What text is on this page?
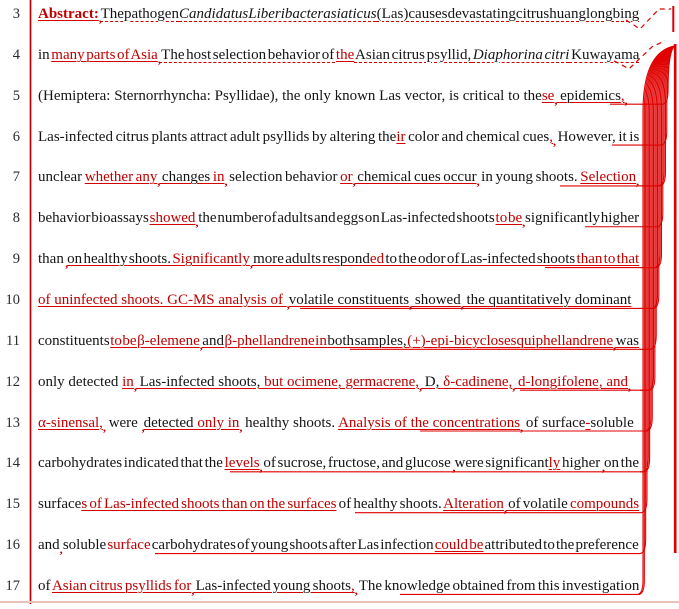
3 $Abstract:_,$ The pathogen Candidatus Liberibacter asiaticus (Las) causes devastating citrus huanglongbing
4 in many parts of Asia$_,$ The host selection behavior of the Asian citrus psyllid, Diaphorina citri Kuwayama
5 (Hemiptera: Sternorrhyncha: Psyllidae), the only known Las vector, is critical to these$_,$ $epidemics,_,$
6 Las-infected citrus plants attract adult psyllids by altering their color and chemical $cues,_,$ However, it is
7 unclear whether any$_,$ changes $in_,$ selection behavior $or_,$ chemical cues occur$_,$ in young shoots. Selection$_,$
8 behavior bioassays showed$_,$ the number of adults and eggs on Las-infected shoots to $be_,$ significantly higher
9 than $_,$on healthy shoots. Significantly$_,$ more adults responded to the odor of Las-infected shoots than to that
10 of uninfected shoots. GC-MS analysis of $_,$volatile constituents$_,$ showed$_,$ the quantitatively dominant
11 constituents to be β-elemene$_,$ and β-phellandrene in both samples, (+)-epi-bicyclosesquiphellandrene$_,$ was
12 only detected $in_,$ Las-infected shoots, but ocimene, $germacrene,_,$ D, $\delta-cadinene,_,$ d-longifolene, and$_,$
13 $\alpha-sinensal,_,$ were $_,$detected only $in_,$ healthy shoots. Analysis of the concentrations$_,$ of surface-soluble
14 carbohydrates indicated that the levels$_,$ of sucrose, fructose, and glucose $_,$were significantly higher $_,$on the
15 surfaces of Las-infected shoots than on the surfaces of healthy shoots. Alteration$_,$ of volatile compounds
16 and$_,$ soluble surface carbohydrates of young shoots after Las infection could be attributed to the preference
17 of Asian citrus psyllids for$_,$ Las-infected young $shoots,_,$ The knowledge obtained from this investigation
